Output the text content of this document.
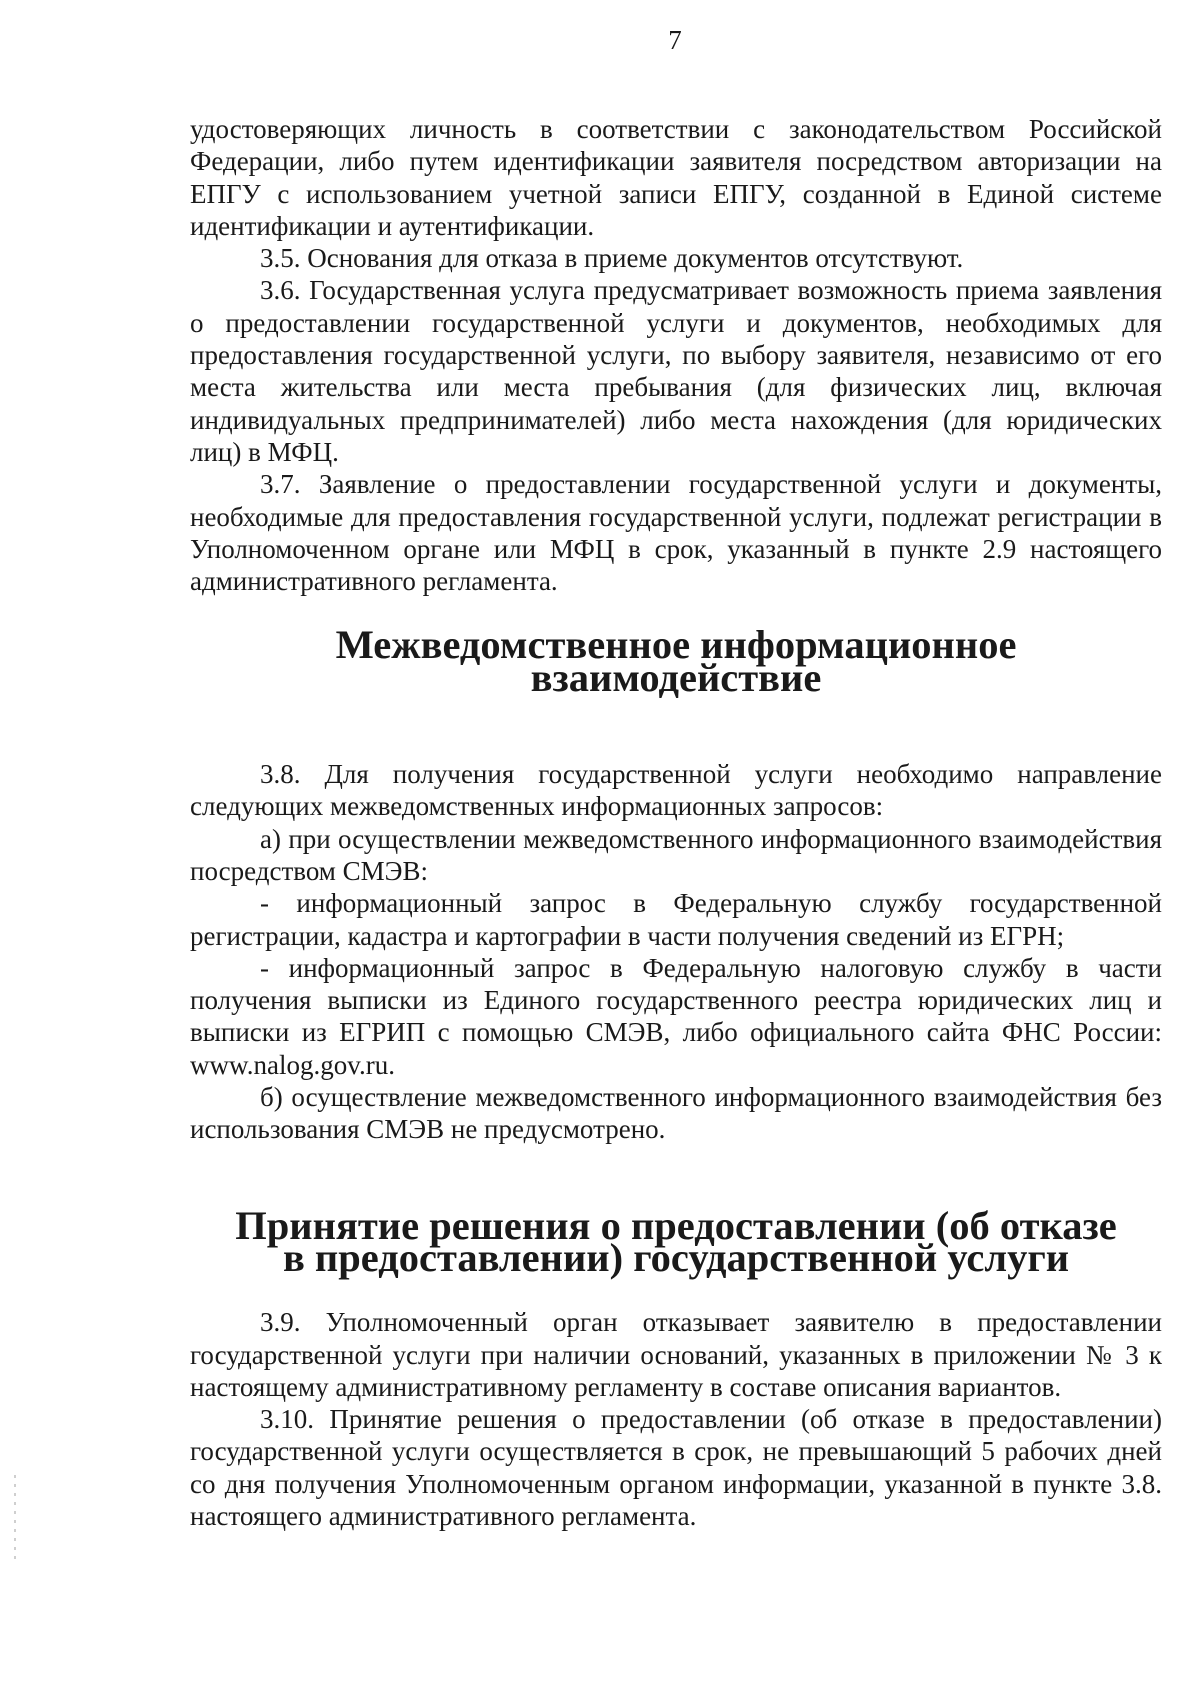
7

удостоверяющих личность в соответствии с законодательством Российской Федерации, либо путем идентификации заявителя посредством авторизации на ЕПГУ с использованием учетной записи ЕПГУ, созданной в Единой системе идентификации и аутентификации.

3.5. Основания для отказа в приеме документов отсутствуют.

3.6. Государственная услуга предусматривает возможность приема заявления о предоставлении государственной услуги и документов, необходимых для предоставления государственной услуги, по выбору заявителя, независимо от его места жительства или места пребывания (для физических лиц, включая индивидуальных предпринимателей) либо места нахождения (для юридических лиц) в МФЦ.

3.7. Заявление о предоставлении государственной услуги и документы, необходимые для предоставления государственной услуги, подлежат регистрации в Уполномоченном органе или МФЦ в срок, указанный в пункте 2.9 настоящего административного регламента.

Межведомственное информационное взаимодействие

3.8. Для получения государственной услуги необходимо направление следующих межведомственных информационных запросов:

а) при осуществлении межведомственного информационного взаимодействия посредством СМЭВ:

- информационный запрос в Федеральную службу государственной регистрации, кадастра и картографии в части получения сведений из ЕГРН;

- информационный запрос в Федеральную налоговую службу в части получения выписки из Единого государственного реестра юридических лиц и выписки из ЕГРИП с помощью СМЭВ, либо официального сайта ФНС России: www.nalog.gov.ru.

б) осуществление межведомственного информационного взаимодействия без использования СМЭВ не предусмотрено.

Принятие решения о предоставлении (об отказе
в предоставлении) государственной услуги

3.9. Уполномоченный орган отказывает заявителю в предоставлении государственной услуги при наличии оснований, указанных в приложении № 3 к настоящему административному регламенту в составе описания вариантов.

3.10. Принятие решения о предоставлении (об отказе в предоставлении) государственной услуги осуществляется в срок, не превышающий 5 рабочих дней со дня получения Уполномоченным органом информации, указанной в пункте 3.8. настоящего административного регламента.
